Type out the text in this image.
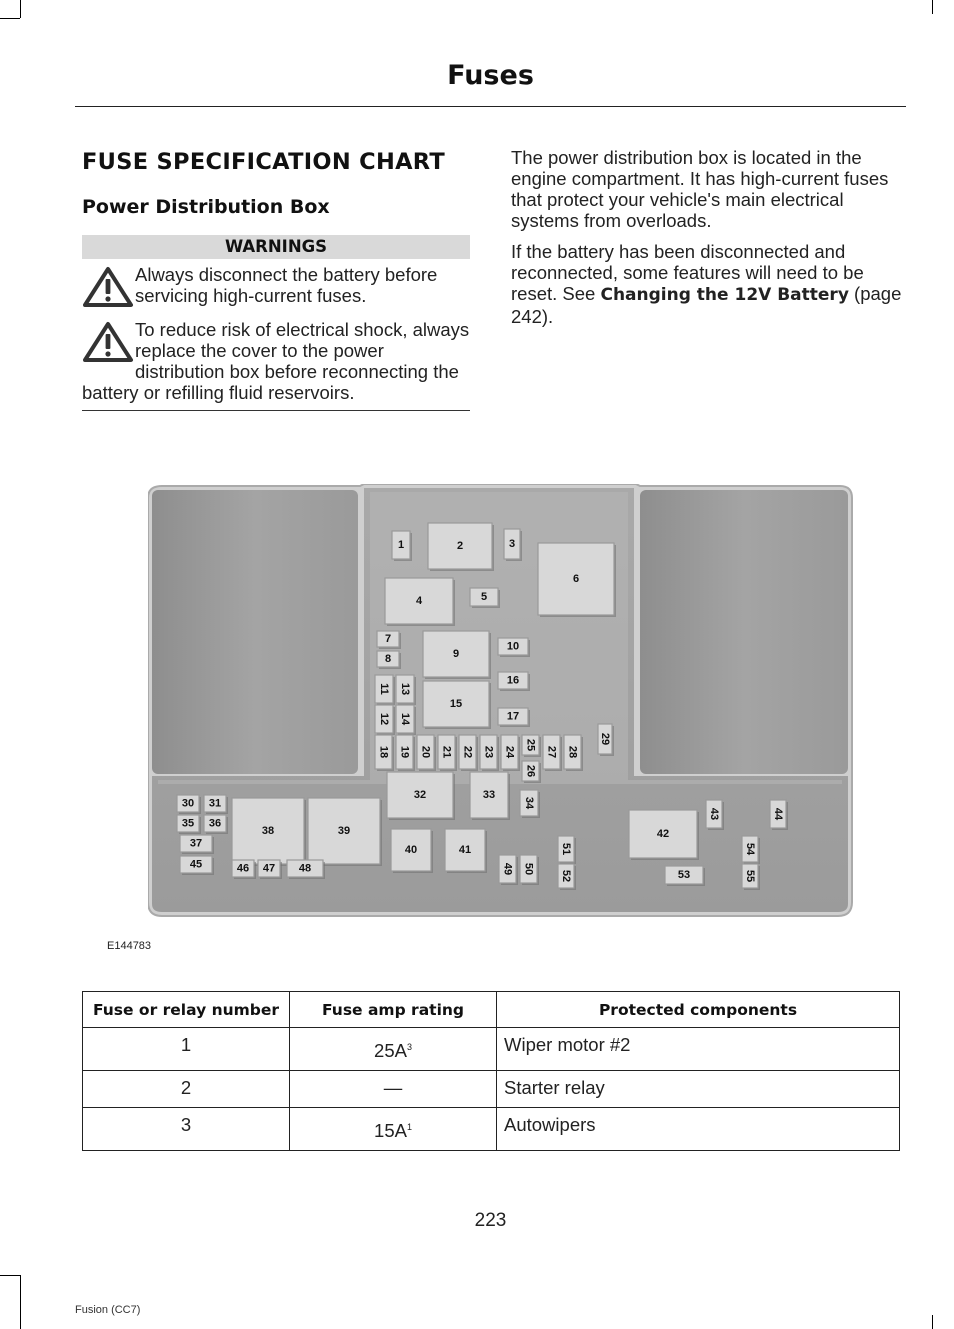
Fuses
FUSE SPECIFICATION CHART
Power Distribution Box
WARNINGS
Always disconnect the battery before servicing high-current fuses.
To reduce risk of electrical shock, always replace the cover to the power distribution box before reconnecting the battery or refilling fluid reservoirs.

The power distribution box is located in the engine compartment. It has high-current fuses that protect your vehicle's main electrical systems from overloads.

If the battery has been disconnected and reconnected, some features will need to be reset. See Changing the 12V Battery (page 242).

1	2	3
4	5
6
7
8	9
10
11
12
13
14
15
16
17
18 19 20 21 22 23 24
25
26
27 28
29
30 31
32	33
34
35 36
37
38	39
40	41
42
43	44
45	46 47 48	49 50
51
52	53
54
55
E144783
Fuse or relay number	Fuse amp rating	Protected components
1	$25A^3$	Wiper motor #2
2	—	Starter relay
3	$15A^1$	Autowipers
223
Fusion (CC7)
